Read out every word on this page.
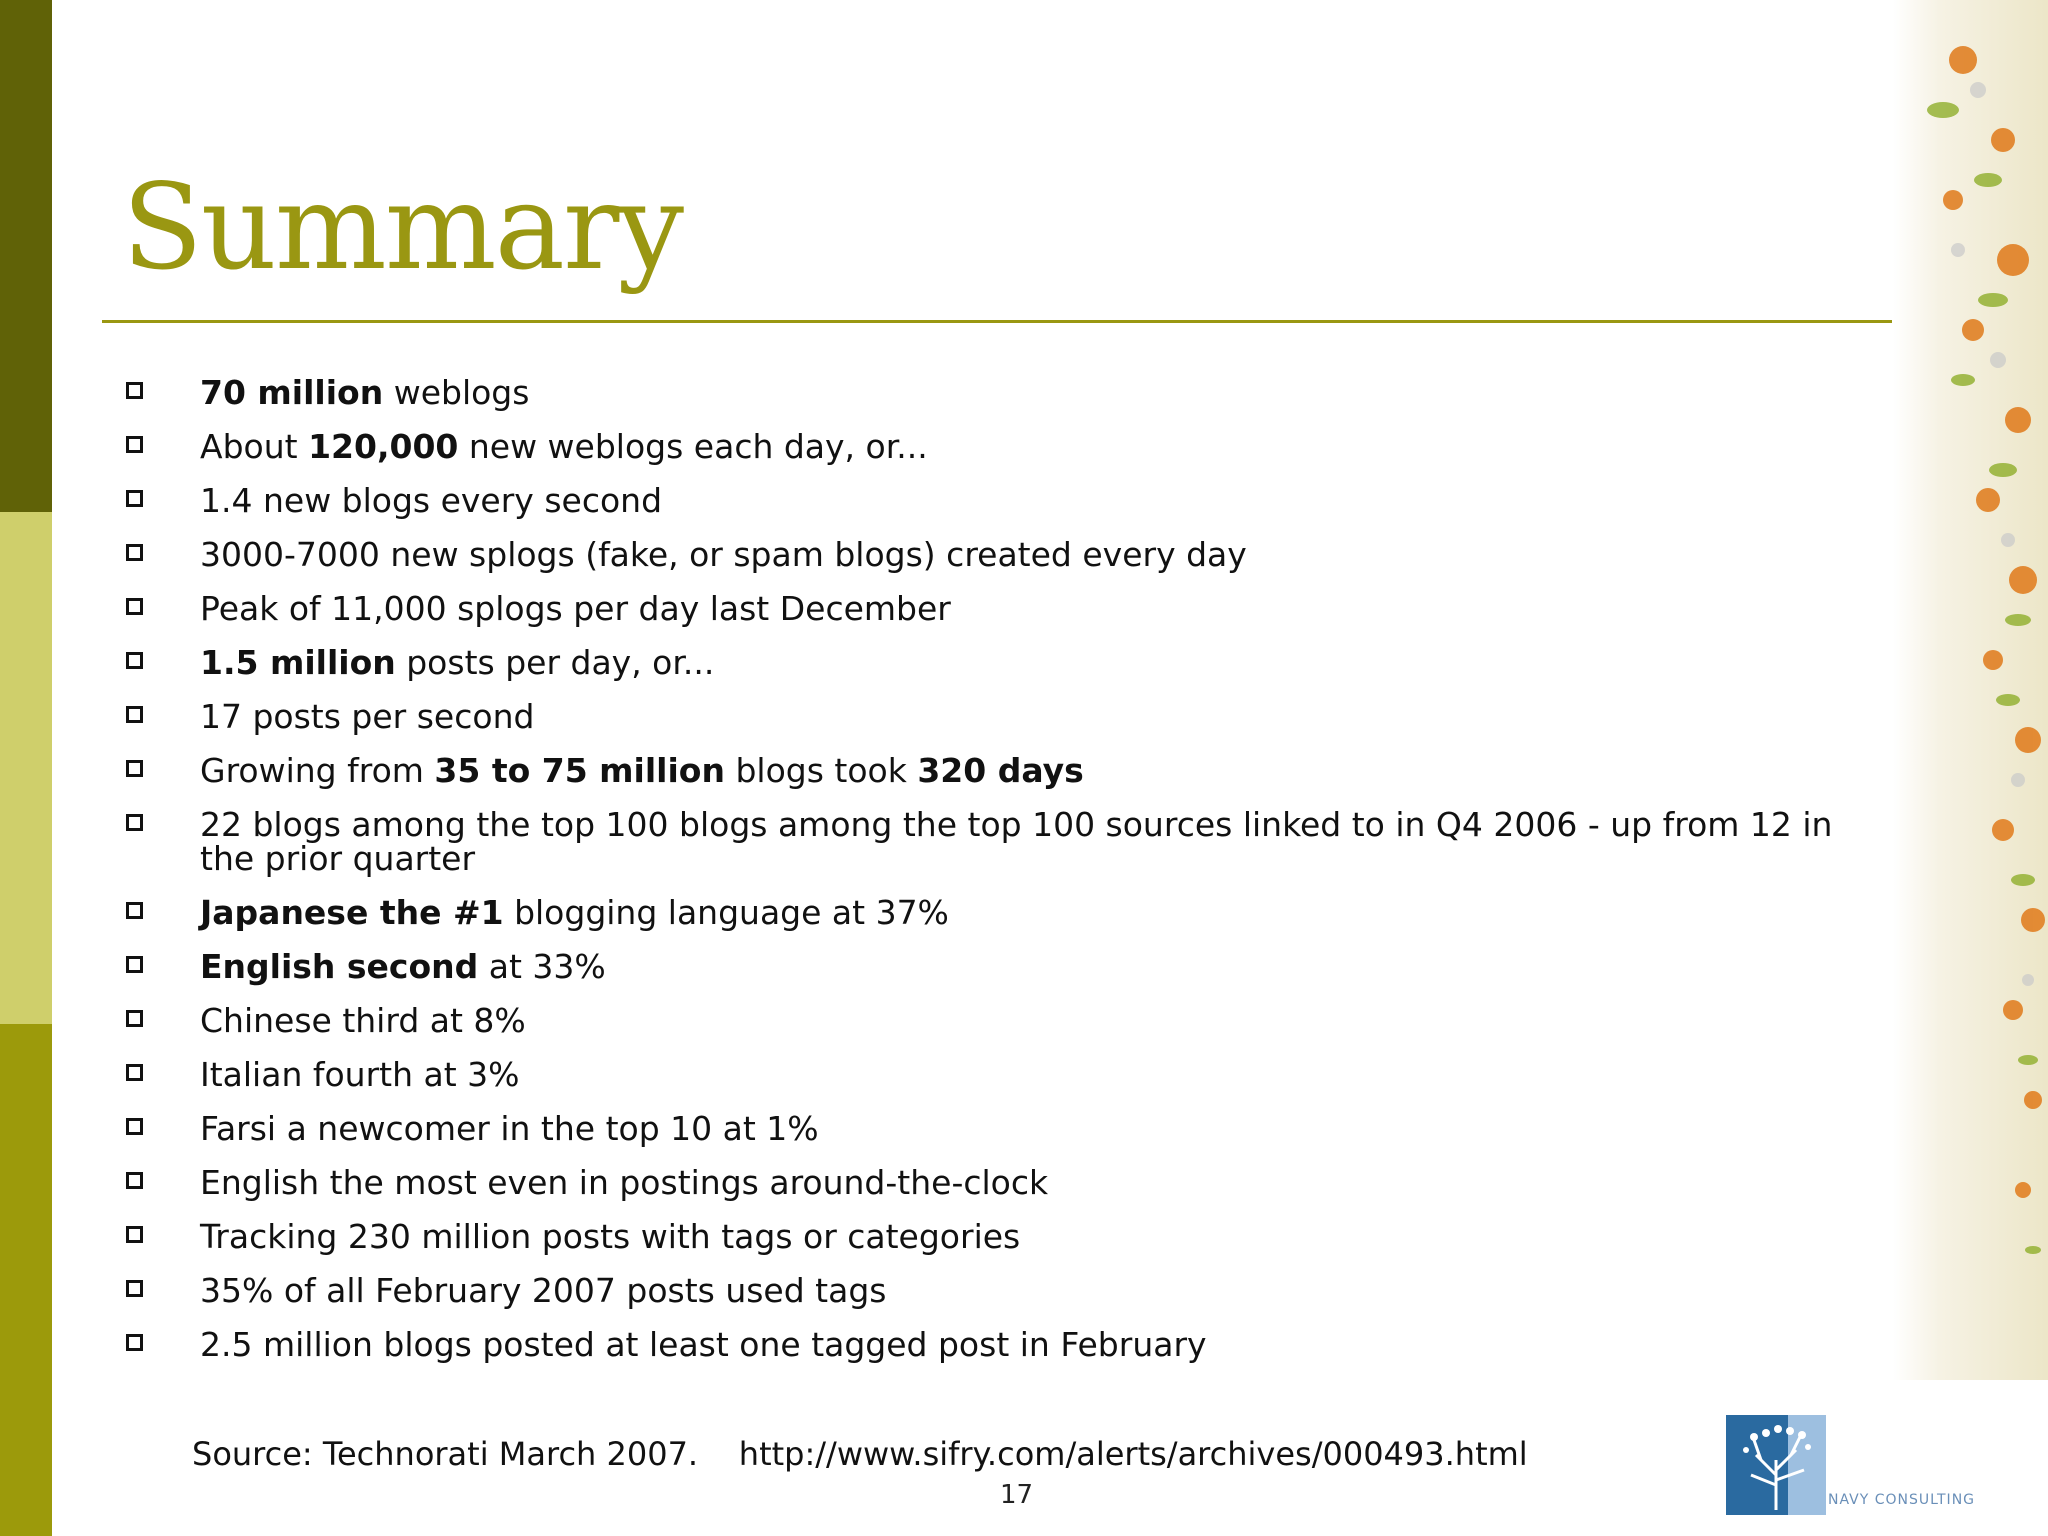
Summary
70 million weblogs
About 120,000 new weblogs each day, or...
1.4 new blogs every second
3000-7000 new splogs (fake, or spam blogs) created every day
Peak of 11,000 splogs per day last December
1.5 million posts per day, or...
17 posts per second
Growing from 35 to 75 million blogs took 320 days
22 blogs among the top 100 blogs among the top 100 sources linked to in Q4 2006 - up from 12 in the prior quarter
Japanese the #1 blogging language at 37%
English second at 33%
Chinese third at 8%
Italian fourth at 3%
Farsi a newcomer in the top 10 at 1%
English the most even in postings around-the-clock
Tracking 230 million posts with tags or categories
35% of all February 2007 posts used tags
2.5 million blogs posted at least one tagged post in February
Source: Technorati March 2007. http://www.sifry.com/alerts/archives/000493.html
17	NAVY CONSULTING
